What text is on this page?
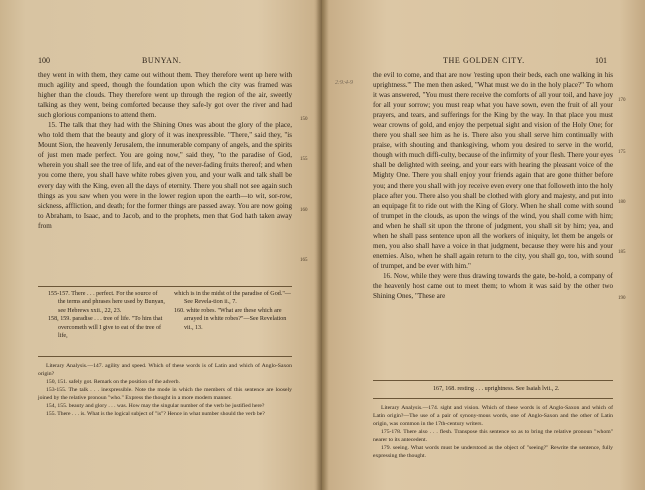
100	BUNYAN.

they went in with them, they came out without them. They therefore went up here with much agility and speed, though the foundation upon which the city was framed was higher than the clouds. They therefore went up through the region of the air, sweetly talking as they went, being comforted because they safe-ly got over the river and had such glorious companions to attend them.

15. The talk that they had with the Shining Ones was about the glory of the place, who told them that the beauty and glory of it was inexpressible. "There," said they, "is Mount Sion, the heavenly Jerusalem, the innumerable company of angels, and the spirits of just men made perfect. You are going now," said they, "to the paradise of God, wherein you shall see the tree of life, and eat of the never-fading fruits thereof; and when you come there, you shall have white robes given you, and your walk and talk shall be every day with the King, even all the days of eternity. There you shall not see again such things as you saw when you were in the lower region upon the earth—to wit, sor-row, sickness, affliction, and death; for the former things are passed away. You are now going to Abraham, to Isaac, and to Jacob, and to the prophets, men that God hath taken away from

150
155
160
165

155-157. There . . . perfect. For the source of the terms and phrases here used by Bunyan, see Hebrews xxii., 22, 23.

158, 159. paradise . . . tree of life. "To him that overcometh will I give to eat of the tree of life,

which is in the midst of the paradise of God."—See Revela-tion ii., 7.

160. white robes. "What are these which are arrayed in white robes?"—See Revelation vii., 13.

Literary Analysis.—147. agility and speed. Which of these words is of Latin and which of Anglo-Saxon origin?

150, 151. safely got. Remark on the position of the adverb.

153-155. The talk . . . inexpressible. Note the mode in which the members of this sentence are loosely joined by the relative pronoun "who." Express the thought in a more modern manner.

154, 155. beauty and glory . . . was. How may the singular number of the verb be justified here?

155. There . . . is. What is the logical subject of "is"? Hence in what number should the verb be?

THE GOLDEN CITY.	101
2:9:4-9

the evil to come, and that are now 'resting upon their beds, each one walking in his uprightness.'" The men then asked, "What must we do in the holy place?" To whom it was answered, "You must there receive the comforts of all your toil, and have joy for all your sorrow; you must reap what you have sown, even the fruit of all your prayers, and tears, and sufferings for the King by the way. In that place you must wear crowns of gold, and enjoy the perpetual sight and vision of the Holy One; for there you shall see him as he is. There also you shall serve him continually with praise, with shouting and thanksgiving, whom you desired to serve in the world, though with much diffi-culty, because of the infirmity of your flesh. There your eyes shall be delighted with seeing, and your ears with hearing the pleasant voice of the Mighty One. There you shall enjoy your friends again that are gone thither before you; and there you shall with joy receive even every one that followeth into the holy place after you. There also you shall be clothed with glory and majesty, and put into an equipage fit to ride out with the King of Glory. When he shall come with sound of trumpet in the clouds, as upon the wings of the wind, you shall come with him; and when he shall sit upon the throne of judgment, you shall sit by him; yea, and when he shall pass sentence upon all the workers of iniquity, let them be angels or men, you also shall have a voice in that judgment, because they were his and your enemies. Also, when he shall again return to the city, you shall go, too, with sound of trumpet, and be ever with him."

16. Now, while they were thus drawing towards the gate, be-hold, a company of the heavenly host came out to meet them; to whom it was said by the other two Shining Ones, "These are

170
175
180
185
190
167, 168. resting . . . uprightness. See Isaiah lvii., 2.

Literary Analysis.—174. sight and vision. Which of these words is of Anglo-Saxon and which of Latin origin?—The use of a pair of synony-mous words, one of Anglo-Saxon and the other of Latin origin, was common in the 17th-century writers.

175-178. There also . . . flesh. Transpose this sentence so as to bring the relative pronoun "whom" nearer to its antecedent.

179. seeing. What words must be understood as the object of "seeing?" Rewrite the sentence, fully expressing the thought.
